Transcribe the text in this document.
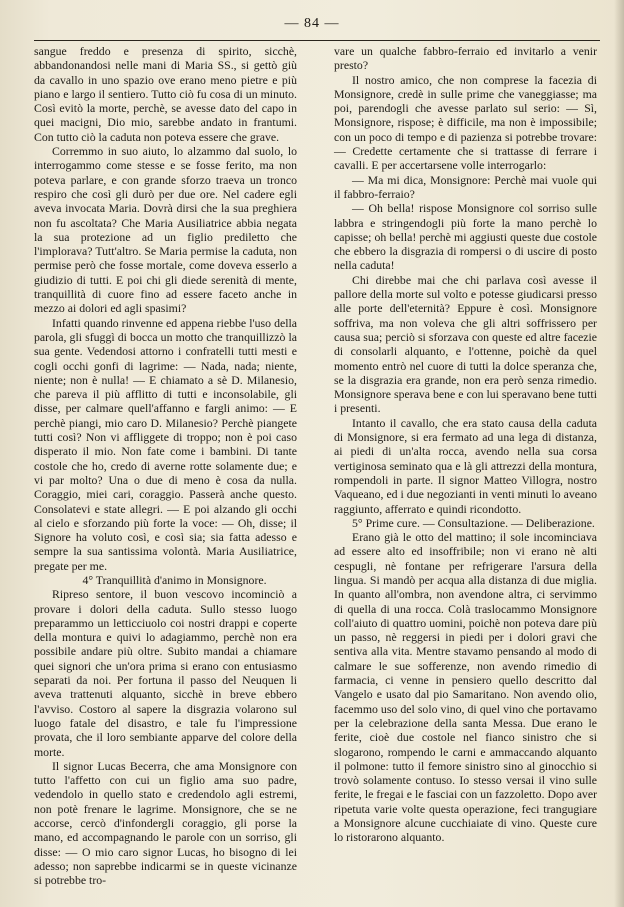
— 84 —

sangue freddo e presenza di spirito, sicchè, abbandonandosi nelle mani di Maria SS., si gettò giù da cavallo in uno spazio ove erano meno pietre e più piano e largo il sentiero. Tutto ciò fu cosa di un minuto. Così evitò la morte, perchè, se avesse dato del capo in quei macigni, Dio mio, sarebbe andato in frantumi. Con tutto ciò la caduta non poteva essere che grave.

Corremmo in suo aiuto, lo alzammo dal suolo, lo interrogammo come stesse e se fosse ferito, ma non poteva parlare, e con grande sforzo traeva un tronco respiro che così gli durò per due ore. Nel cadere egli aveva invocata Maria. Dovrà dirsi che la sua preghiera non fu ascoltata? Che Maria Ausiliatrice abbia negata la sua protezione ad un figlio prediletto che l'implorava? Tutt'altro. Se Maria permise la caduta, non permise però che fosse mortale, come doveva esserlo a giudizio di tutti. E poi chi gli diede serenità di mente, tranquillità di cuore fino ad essere faceto anche in mezzo ai dolori ed agli spasimi?

Infatti quando rinvenne ed appena riebbe l'uso della parola, gli sfuggì di bocca un motto che tranquillizzò la sua gente. Vedendosi attorno i confratelli tutti mesti e cogli occhi gonfi di lagrime: — Nada, nada; niente, niente; non è nulla! — E chiamato a sè D. Milanesio, che pareva il più afflitto di tutti e inconsolabile, gli disse, per calmare quell'affanno e fargli animo: — E perchè piangi, mio caro D. Milanesio? Perchè piangete tutti così? Non vi affliggete di troppo; non è poi caso disperato il mio. Non fate come i bambini. Di tante costole che ho, credo di averne rotte solamente due; e vi par molto? Una o due di meno è cosa da nulla. Coraggio, miei cari, coraggio. Passerà anche questo. Consolatevi e state allegri. — E poi alzando gli occhi al cielo e sforzando più forte la voce: — Oh, disse; il Signore ha voluto così, e così sia; sia fatta adesso e sempre la sua santissima volontà. Maria Ausiliatrice, pregate per me.

4° Tranquillità d'animo in Monsignore.

Ripreso sentore, il buon vescovo incominciò a provare i dolori della caduta. Sullo stesso luogo preparammo un letticciuolo coi nostri drappi e coperte della montura e quivi lo adagiammo, perchè non era possibile andare più oltre. Subito mandai a chiamare quei signori che un'ora prima si erano con entusiasmo separati da noi. Per fortuna il passo del Neuquen li aveva trattenuti alquanto, sicchè in breve ebbero l'avviso. Costoro al sapere la disgrazia volarono sul luogo fatale del disastro, e tale fu l'impressione provata, che il loro sembiante apparve del colore della morte.

Il signor Lucas Becerra, che ama Monsignore con tutto l'affetto con cui un figlio ama suo padre, vedendolo in quello stato e credendolo agli estremi, non potè frenare le lagrime. Monsignore, che se ne accorse, cercò d'infondergli coraggio, gli porse la mano, ed accompagnando le parole con un sorriso, gli disse: — O mio caro signor Lucas, ho bisogno di lei adesso; non saprebbe indicarmi se in queste vicinanze si potrebbe tro-

vare un qualche fabbro-ferraio ed invitarlo a venir presto?

Il nostro amico, che non comprese la facezia di Monsignore, credè in sulle prime che vaneggiasse; ma poi, parendogli che avesse parlato sul serio: — Sì, Monsignore, rispose; è difficile, ma non è impossibile; con un poco di tempo e di pazienza si potrebbe trovare: — Credette certamente che si trattasse di ferrare i cavalli. E per accertarsene volle interrogarlo:

— Ma mi dica, Monsignore: Perchè mai vuole qui il fabbro-ferraio?

— Oh bella! rispose Monsignore col sorriso sulle labbra e stringendogli più forte la mano perchè lo capisse; oh bella! perchè mi aggiusti queste due costole che ebbero la disgrazia di rompersi o di uscire di posto nella caduta!

Chi direbbe mai che chi parlava così avesse il pallore della morte sul volto e potesse giudicarsi presso alle porte dell'eternità? Eppure è così. Monsignore soffriva, ma non voleva che gli altri soffrissero per causa sua; perciò si sforzava con queste ed altre facezie di consolarli alquanto, e l'ottenne, poichè da quel momento entrò nel cuore di tutti la dolce speranza che, se la disgrazia era grande, non era però senza rimedio. Monsignore sperava bene e con lui speravano bene tutti i presenti.

Intanto il cavallo, che era stato causa della caduta di Monsignore, si era fermato ad una lega di distanza, ai piedi di un'alta rocca, avendo nella sua corsa vertiginosa seminato qua e là gli attrezzi della montura, rompendoli in parte. Il signor Matteo Villogra, nostro Vaqueano, ed i due negozianti in venti minuti lo aveano raggiunto, afferrato e quindi ricondotto.

5° Prime cure. — Consultazione. — Deliberazione.

Erano già le otto del mattino; il sole incominciava ad essere alto ed insoffribile; non vi erano nè alti cespugli, nè fontane per refrigerare l'arsura della lingua. Si mandò per acqua alla distanza di due miglia. In quanto all'ombra, non avendone altra, ci servimmo di quella di una rocca. Colà traslocammo Monsignore coll'aiuto di quattro uomini, poichè non poteva dare più un passo, nè reggersi in piedi per i dolori gravi che sentiva alla vita. Mentre stavamo pensando al modo di calmare le sue sofferenze, non avendo rimedio di farmacia, ci venne in pensiero quello descritto dal Vangelo e usato dal pio Samaritano. Non avendo olio, facemmo uso del solo vino, di quel vino che portavamo per la celebrazione della santa Messa. Due erano le ferite, cioè due costole nel fianco sinistro che si slogarono, rompendo le carni e ammaccando alquanto il polmone: tutto il femore sinistro sino al ginocchio si trovò solamente contuso. Io stesso versai il vino sulle ferite, le fregai e le fasciai con un fazzoletto. Dopo aver ripetuta varie volte questa operazione, feci trangugiare a Monsignore alcune cucchiaiate di vino. Queste cure lo ristorarono alquanto.
